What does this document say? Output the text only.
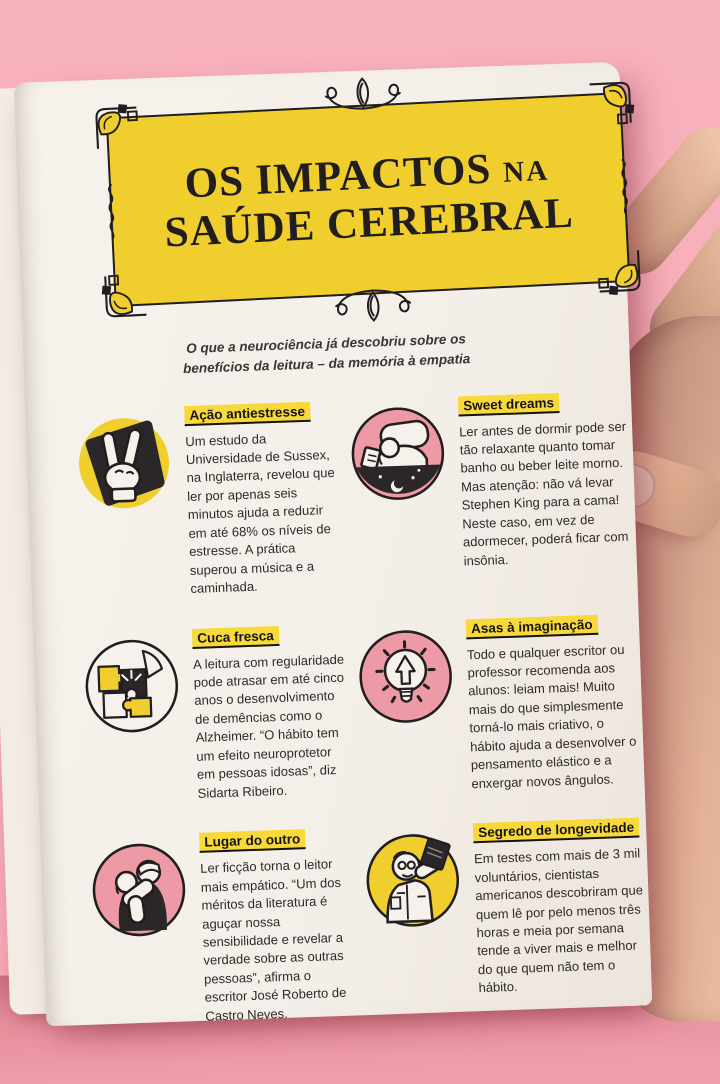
OS IMPACTOS NA
SAÚDE CEREBRAL
O que a neurociência já descobriu sobre os
benefícios da leitura – da memória à empatia
Ação antiestresse

Um estudo da Universidade de Sussex, na Inglaterra, revelou que ler por apenas seis minutos ajuda a reduzir em até 68% os níveis de estresse. A prática superou a música e a caminhada.

Sweet dreams

Ler antes de dormir pode ser tão relaxante quanto tomar banho ou beber leite morno. Mas atenção: não vá levar Stephen King para a cama! Neste caso, em vez de adormecer, poderá ficar com insônia.

Cuca fresca

A leitura com regularidade pode atrasar em até cinco anos o desenvolvimento de demências como o Alzheimer. “O hábito tem um efeito neuroprotetor em pessoas idosas”, diz Sidarta Ribeiro.

Asas à imaginação

Todo e qualquer escritor ou professor recomenda aos alunos: leiam mais! Muito mais do que simplesmente torná-lo mais criativo, o hábito ajuda a desenvolver o pensamento elástico e a enxergar novos ângulos.

Lugar do outro

Ler ficção torna o leitor mais empático. “Um dos méritos da literatura é aguçar nossa sensibilidade e revelar a verdade sobre as outras pessoas”, afirma o escritor José Roberto de Castro Neves.

Segredo de longevidade

Em testes com mais de 3 mil voluntários, cientistas americanos descobriram que quem lê por pelo menos três horas e meia por semana tende a viver mais e melhor do que quem não tem o hábito.
